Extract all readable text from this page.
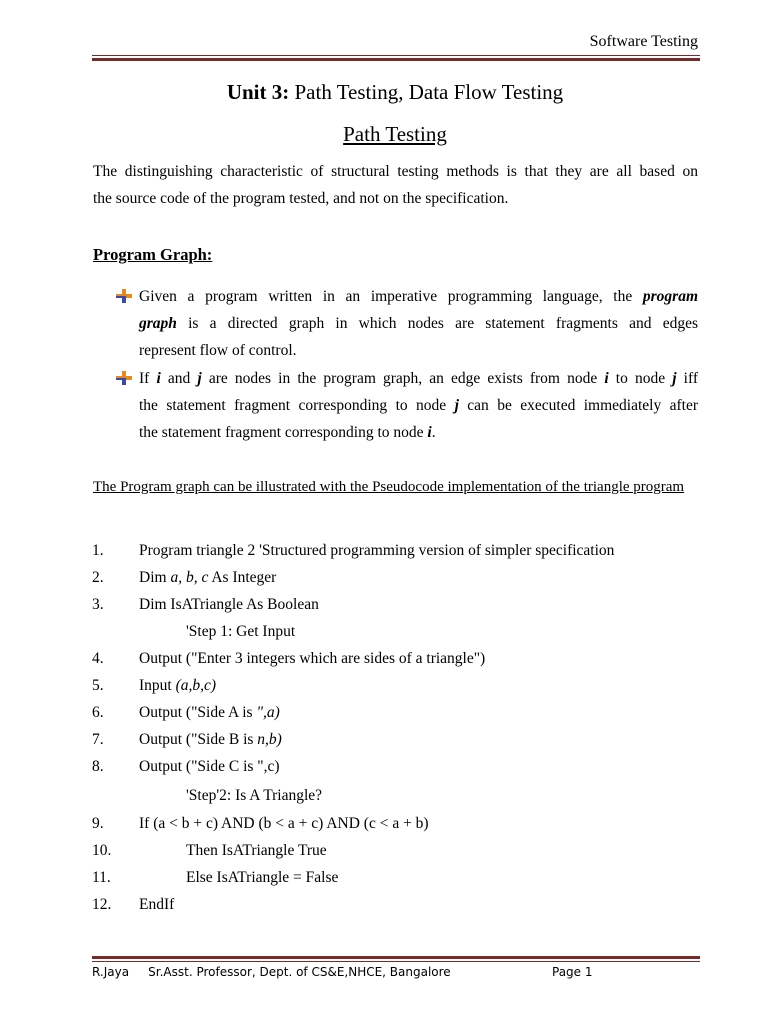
Software Testing
Unit 3: Path Testing, Data Flow Testing
Path Testing
The distinguishing characteristic of structural testing methods is that they are all based on
the source code of the program tested, and not on the specification.
Program Graph:
Given a program written in an imperative programming language, the program
graph is a directed graph in which nodes are statement fragments and edges
represent flow of control.
If i and j are nodes in the program graph, an edge exists from node i to node j iff
the statement fragment corresponding to node j can be executed immediately after
the statement fragment corresponding to node i.
The Program graph can be illustrated with the Pseudocode implementation of the triangle program
1. Program triangle 2 'Structured programming version of simpler specification
2. Dim a, b, c As Integer
3. Dim IsATriangle As Boolean
'Step 1: Get Input
4. Output ("Enter 3 integers which are sides of a triangle")
5. Input (a,b,c)
6. Output ("Side A is ",a)
7. Output ("Side B is n,b)
8. Output ("Side C is ",c)
'Step'2: Is A Triangle?
9. If (a < b + c) AND (b < a + c) AND (c < a + b)
10.	Then IsATriangle True
11.	Else IsATriangle = False
12. EndIf
R.Jaya     Sr.Asst. Professor, Dept. of CS&E,NHCE, Bangalore	Page 1
